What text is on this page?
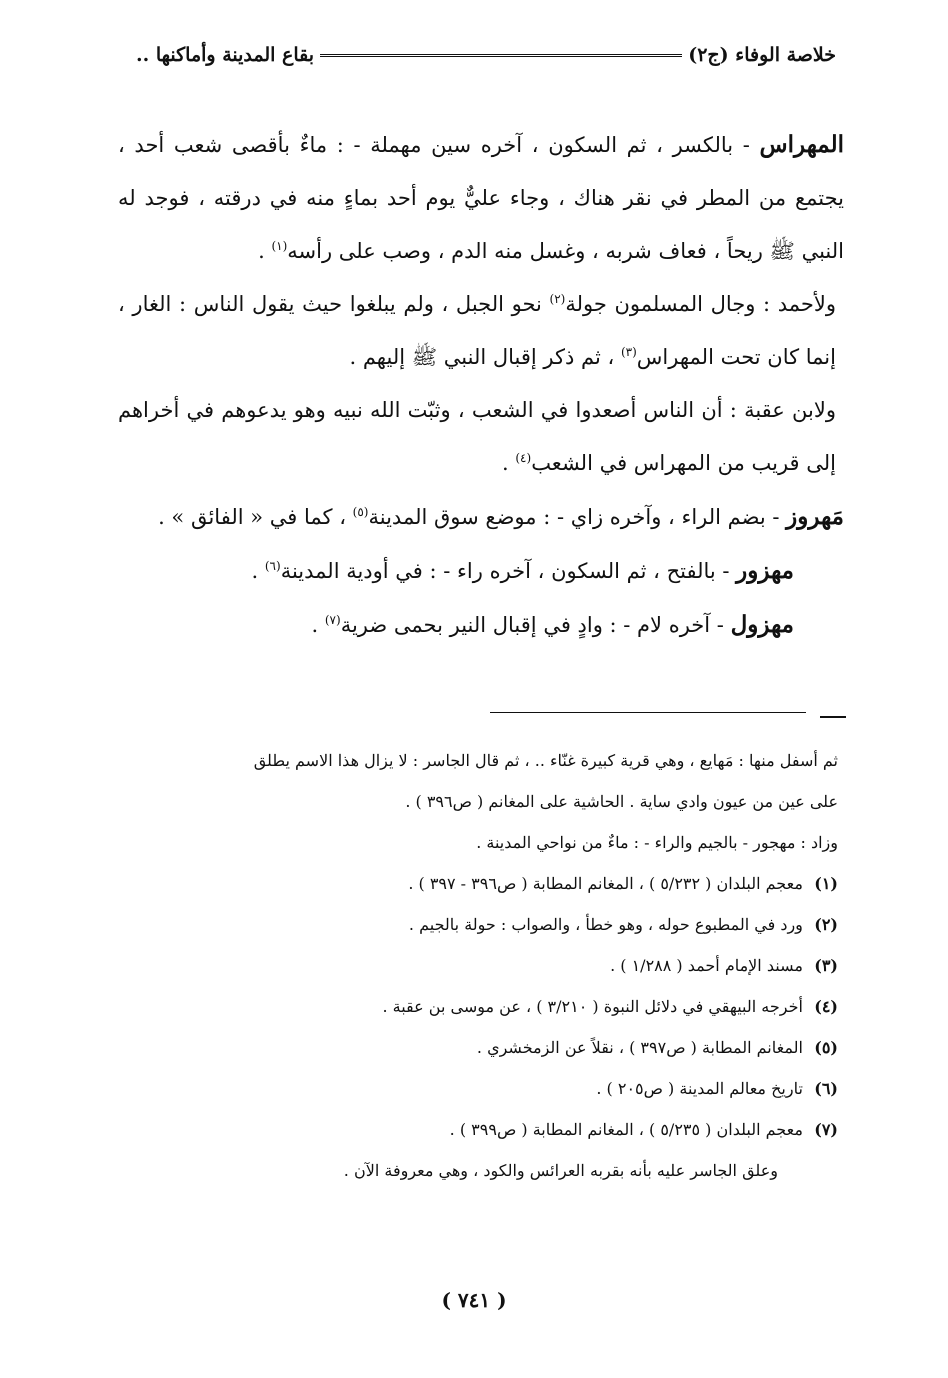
خلاصة الوفاء (ج٢)
بقاع المدينة وأماكنها ..

المهراس - بالكسر ، ثم السكون ، آخره سين مهملة - : ماءٌ بأقصى شعب أحد ، يجتمع من المطر في نقر هناك ، وجاء عليٌّ يوم أحد بماءٍ منه في درقته ، فوجد له النبي ﷺ ريحاً ، فعاف شربه ، وغسل منه الدم ، وصب على رأسه$^{(١)}$ .

ولأحمد : وجال المسلمون جولة$^{(٢)}$ نحو الجبل ، ولم يبلغوا حيث يقول الناس : الغار ، إنما كان تحت المهراس$^{(٣)}$ ، ثم ذكر إقبال النبي ﷺ إليهم .

ولابن عقبة : أن الناس أصعدوا في الشعب ، وثبّت الله نبيه وهو يدعوهم في أخراهم إلى قريب من المهراس في الشعب$^{(٤)}$ .

مَهروز - بضم الراء ، وآخره زاي - : موضع سوق المدينة$^{(٥)}$ ، كما في « الفائق » .

مهزور - بالفتح ، ثم السكون ، آخره راء - : في أودية المدينة$^{(٦)}$ .

مهزول - آخره لام - : وادٍ في إقبال النير بحمى ضرية$^{(٧)}$ .

ثم أسفل منها : مَهايع ، وهي قرية كبيرة غنّاء .. ، ثم قال الجاسر : لا يزال هذا الاسم يطلق

على عين من عيون وادي ساية . الحاشية على المغانم ( ص٣٩٦ ) .

وزاد : مهجور - بالجيم والراء - : ماءٌ من نواحي المدينة .

(١) معجم البلدان ( ٥/٢٣٢ ) ، المغانم المطابة ( ص٣٩٦ - ٣٩٧ ) .

(٢) ورد في المطبوع حوله ، وهو خطأ ، والصواب : حولة بالجيم .

(٣) مسند الإمام أحمد ( ١/٢٨٨ ) .

(٤) أخرجه البيهقي في دلائل النبوة ( ٣/٢١٠ ) ، عن موسى بن عقبة .

(٥) المغانم المطابة ( ص٣٩٧ ) ، نقلاً عن الزمخشري .

(٦) تاريخ معالم المدينة ( ص٢٠٥ ) .

(٧) معجم البلدان ( ٥/٢٣٥ ) ، المغانم المطابة ( ص٣٩٩ ) .

وعلق الجاسر عليه بأنه بقربه العرائس والكود ، وهي معروفة الآن .

( ٧٤١ )
